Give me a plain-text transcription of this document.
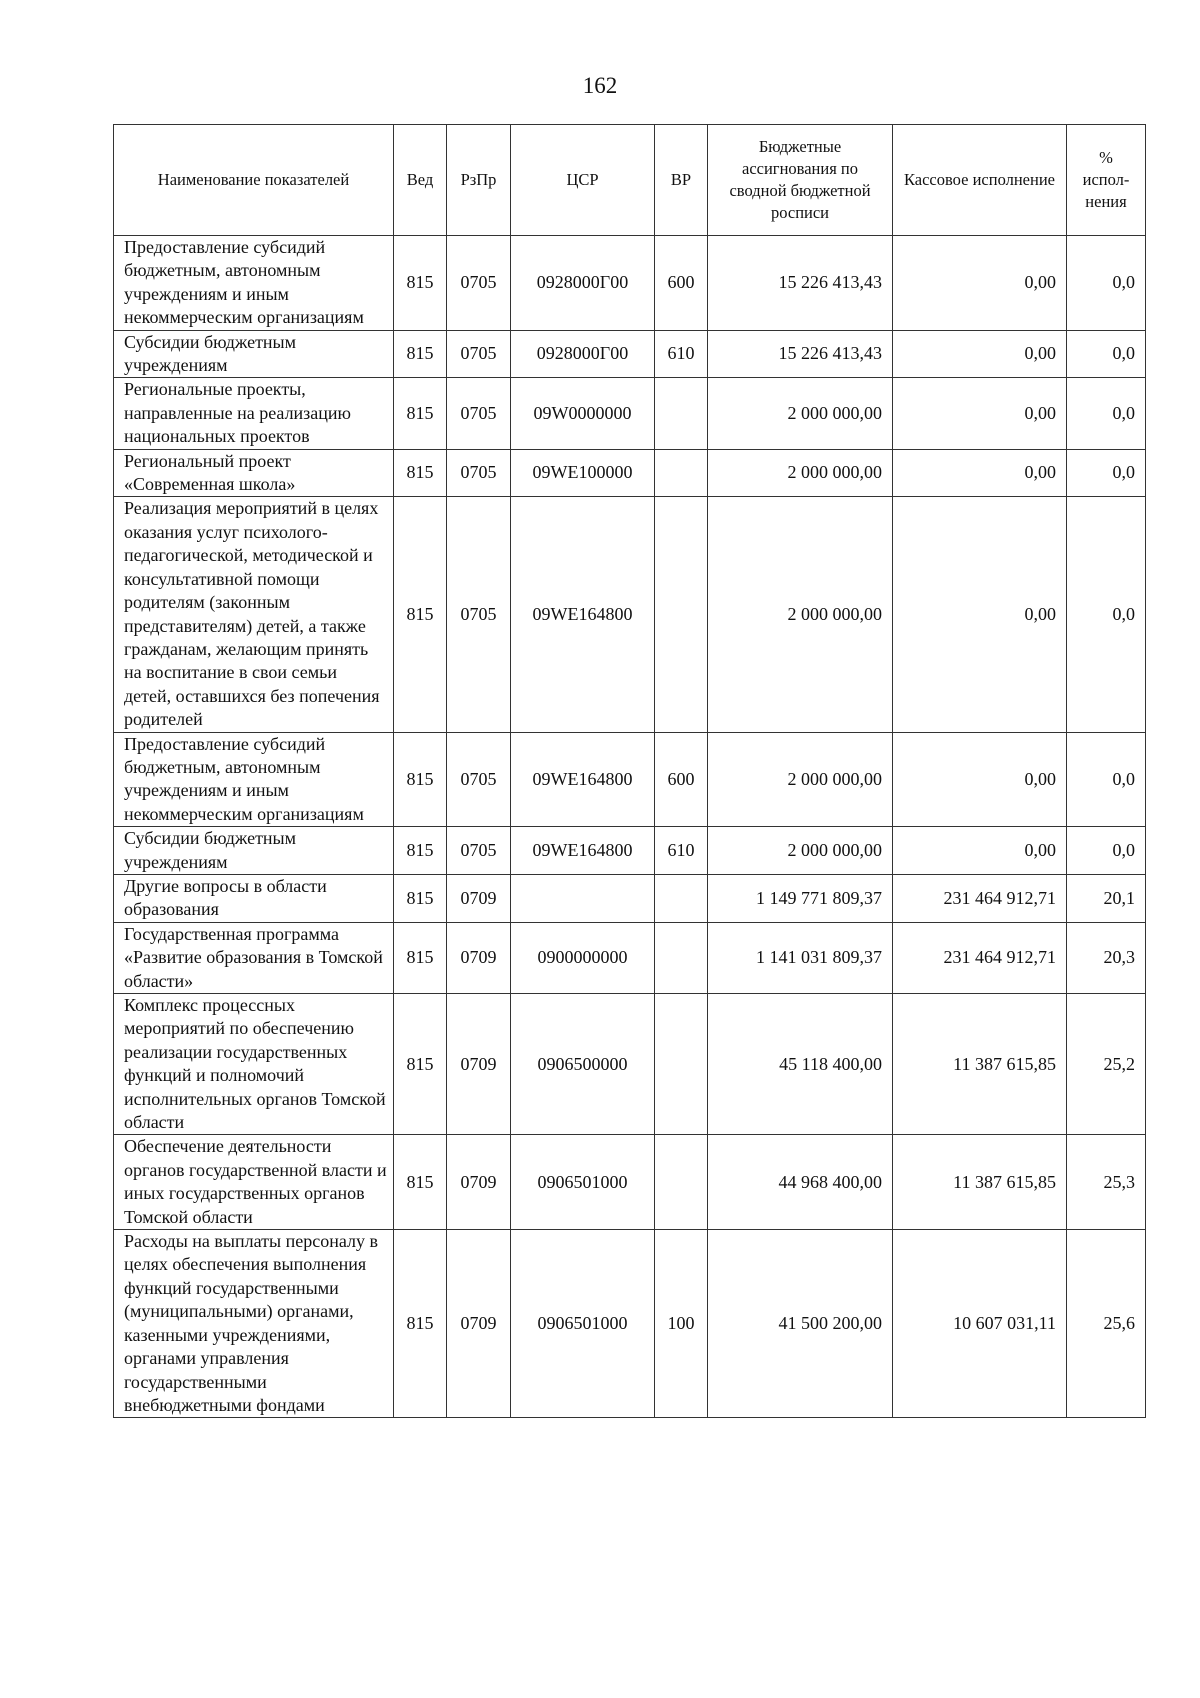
162
Наименование показателей	Вед	РзПр	ЦСР	ВР	Бюджетные ассигнования по сводной бюджетной росписи	Кассовое исполнение	% испол-нения
Предоставление субсидий бюджетным, автономным учреждениям и иным некоммерческим организациям	815	0705	0928000Г00	600	15 226 413,43	0,00	0,0
Субсидии бюджетным учреждениям	815	0705	0928000Г00	610	15 226 413,43	0,00	0,0
Региональные проекты, направленные на реализацию национальных проектов	815	0705	09W0000000		2 000 000,00	0,00	0,0
Региональный проект «Современная школа»	815	0705	09WE100000		2 000 000,00	0,00	0,0
Реализация мероприятий в целях оказания услуг психолого-педагогической, методической и консультативной помощи родителям (законным представителям) детей, а также гражданам, желающим принять на воспитание в свои семьи детей, оставшихся без попечения родителей	815	0705	09WE164800		2 000 000,00	0,00	0,0
Предоставление субсидий бюджетным, автономным учреждениям и иным некоммерческим организациям	815	0705	09WE164800	600	2 000 000,00	0,00	0,0
Субсидии бюджетным учреждениям	815	0705	09WE164800	610	2 000 000,00	0,00	0,0
Другие вопросы в области образования	815	0709			1 149 771 809,37	231 464 912,71	20,1
Государственная программа «Развитие образования в Томской области»	815	0709	0900000000		1 141 031 809,37	231 464 912,71	20,3
Комплекс процессных мероприятий по обеспечению реализации государственных функций и полномочий исполнительных органов Томской области	815	0709	0906500000		45 118 400,00	11 387 615,85	25,2
Обеспечение деятельности органов государственной власти и иных государственных органов Томской области	815	0709	0906501000		44 968 400,00	11 387 615,85	25,3
Расходы на выплаты персоналу в целях обеспечения выполнения функций государственными (муниципальными) органами, казенными учреждениями, органами управления государственными внебюджетными фондами	815	0709	0906501000	100	41 500 200,00	10 607 031,11	25,6
